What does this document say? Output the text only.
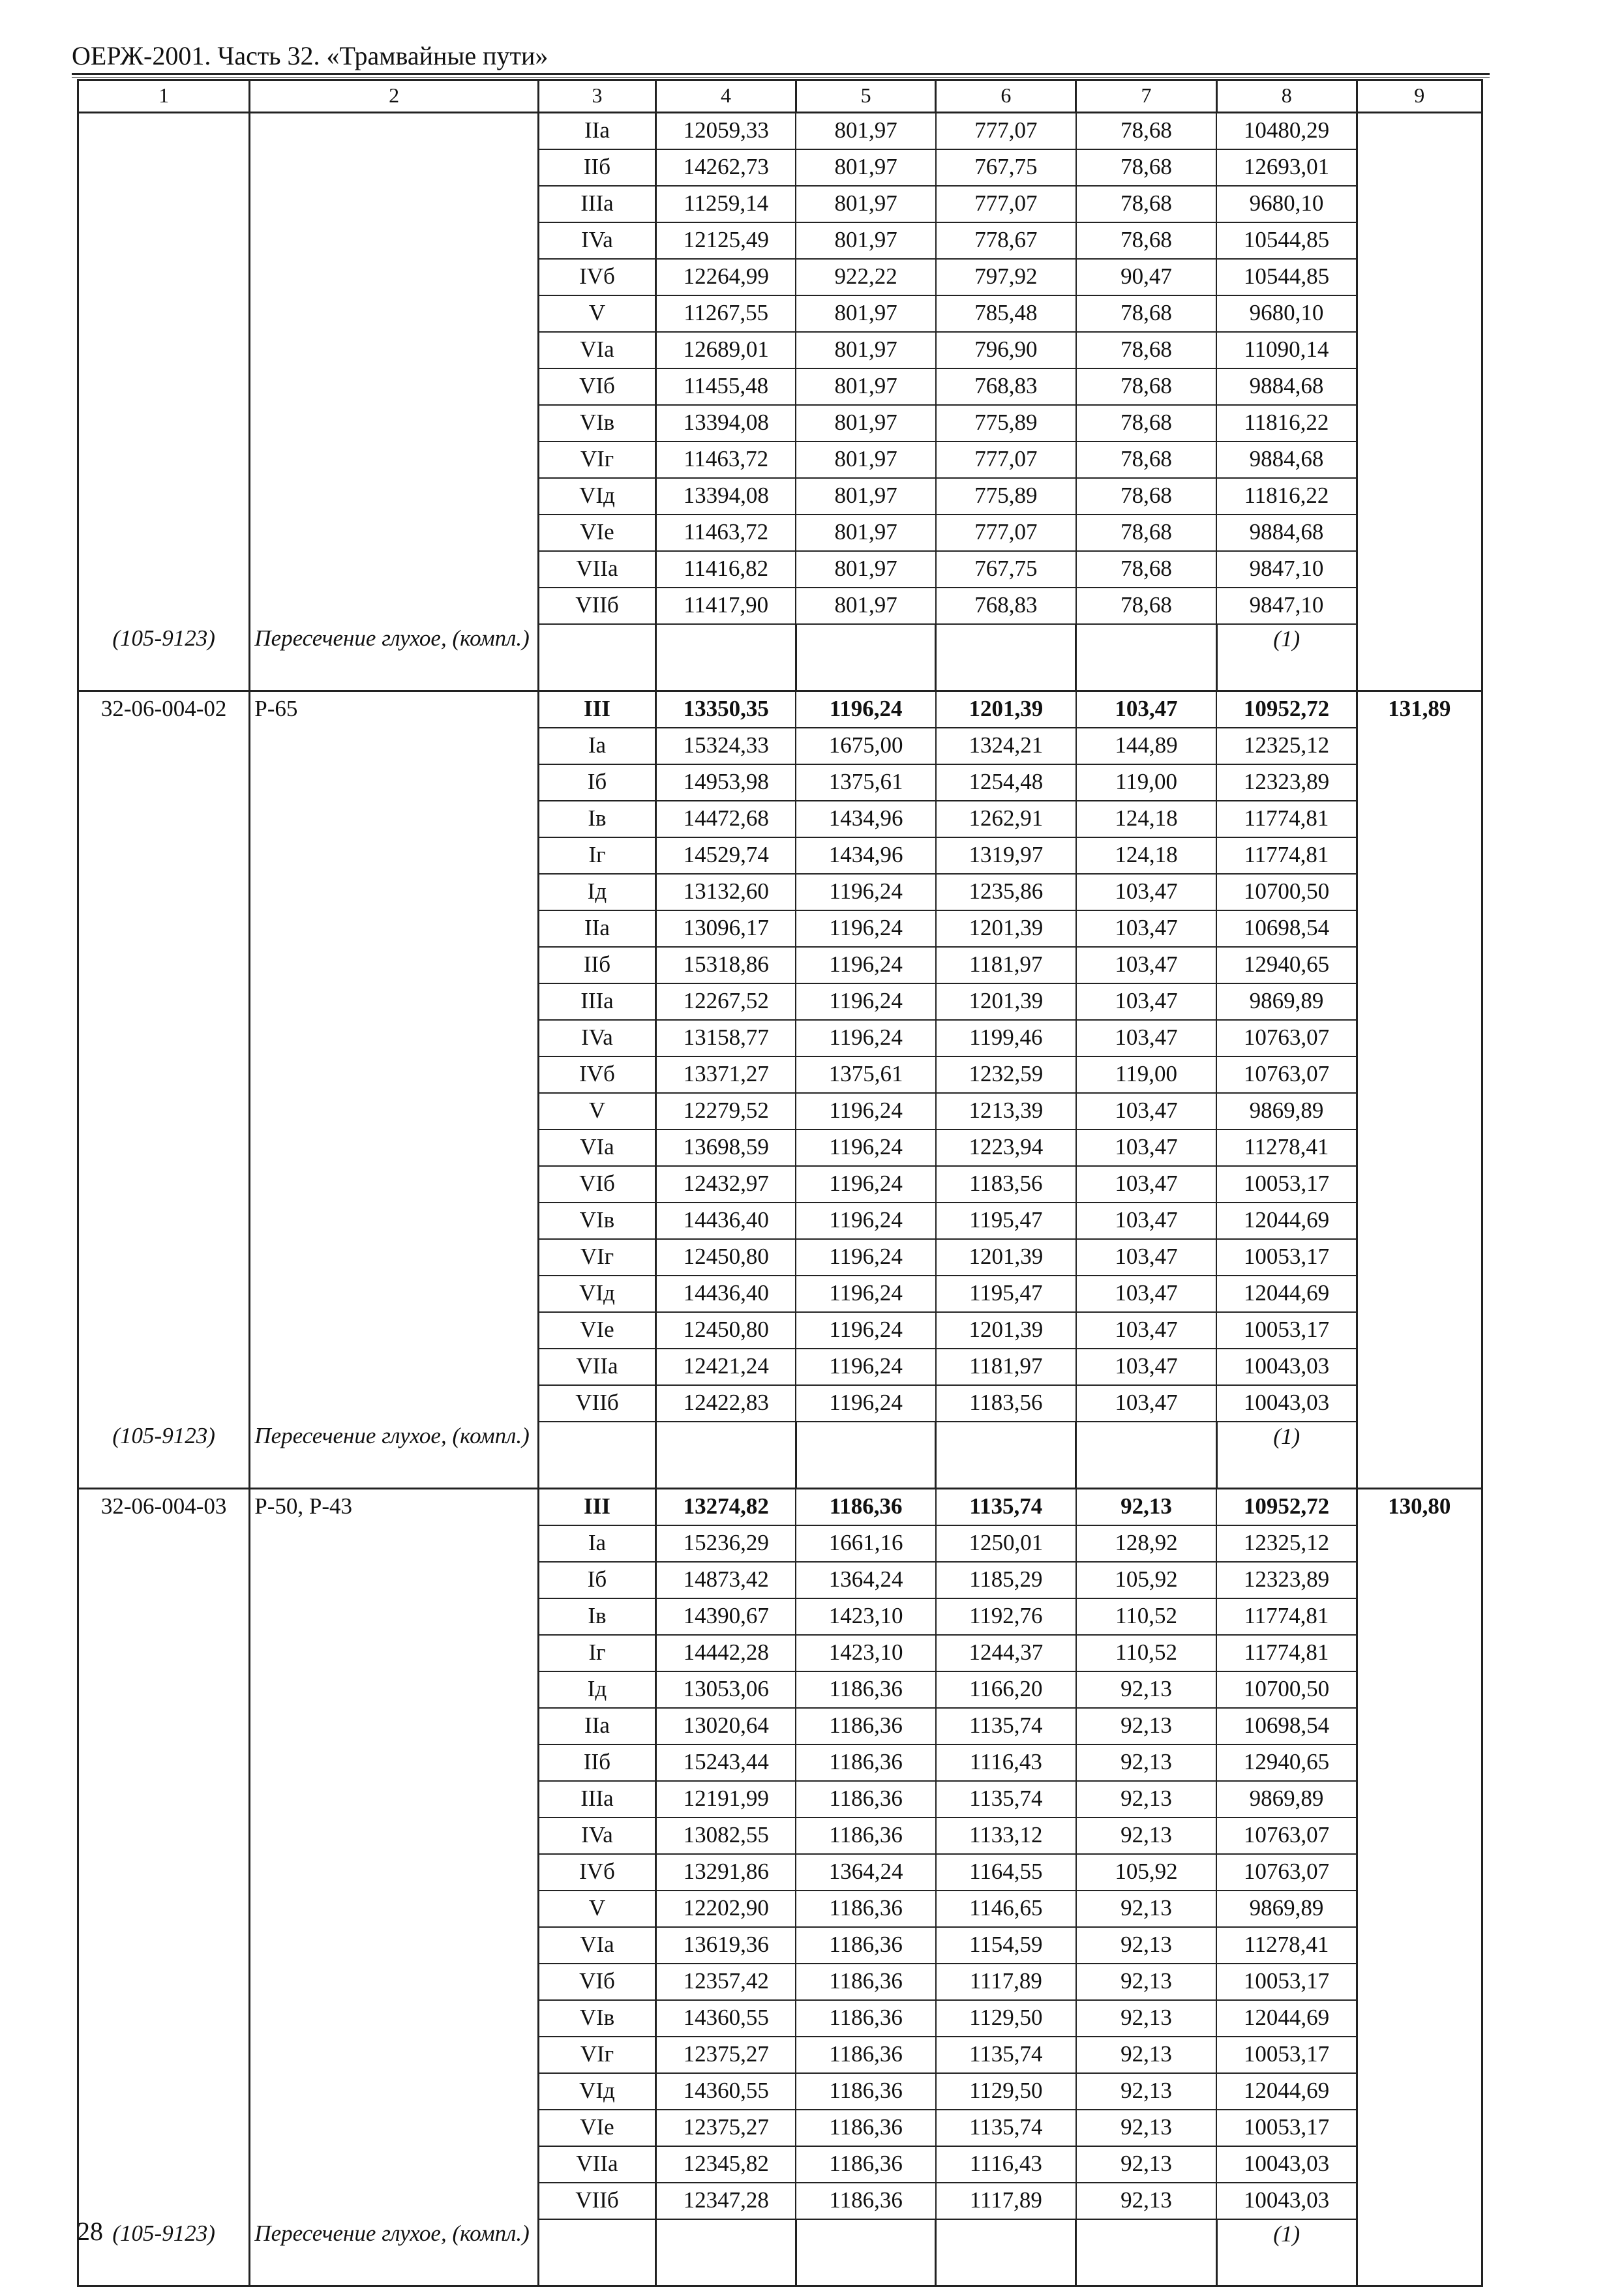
ОЕРЖ-2001. Часть 32. «Трамвайные пути»
1	2	3	4	5	6	7	8	9
		IIa	12059,33	801,97	777,07	78,68	10480,29	
		IIб	14262,73	801,97	767,75	78,68	12693,01	
		IIIa	11259,14	801,97	777,07	78,68	9680,10	
		IVa	12125,49	801,97	778,67	78,68	10544,85	
		IVб	12264,99	922,22	797,92	90,47	10544,85	
		V	11267,55	801,97	785,48	78,68	9680,10	
		VIa	12689,01	801,97	796,90	78,68	11090,14	
		VIб	11455,48	801,97	768,83	78,68	9884,68	
		VIв	13394,08	801,97	775,89	78,68	11816,22	
		VIг	11463,72	801,97	777,07	78,68	9884,68	
		VIд	13394,08	801,97	775,89	78,68	11816,22	
		VIе	11463,72	801,97	777,07	78,68	9884,68	
		VIIa	11416,82	801,97	767,75	78,68	9847,10	
		VIIб	11417,90	801,97	768,83	78,68	9847,10	
(105-9123)	Пересечение глухое, (компл.)						(1)	
32-06-004-02	Р-65	III	13350,35	1196,24	1201,39	103,47	10952,72	131,89
		Ia	15324,33	1675,00	1324,21	144,89	12325,12	
		Iб	14953,98	1375,61	1254,48	119,00	12323,89	
		Iв	14472,68	1434,96	1262,91	124,18	11774,81	
		Iг	14529,74	1434,96	1319,97	124,18	11774,81	
		Iд	13132,60	1196,24	1235,86	103,47	10700,50	
		IIa	13096,17	1196,24	1201,39	103,47	10698,54	
		IIб	15318,86	1196,24	1181,97	103,47	12940,65	
		IIIa	12267,52	1196,24	1201,39	103,47	9869,89	
		IVa	13158,77	1196,24	1199,46	103,47	10763,07	
		IVб	13371,27	1375,61	1232,59	119,00	10763,07	
		V	12279,52	1196,24	1213,39	103,47	9869,89	
		VIa	13698,59	1196,24	1223,94	103,47	11278,41	
		VIб	12432,97	1196,24	1183,56	103,47	10053,17	
		VIв	14436,40	1196,24	1195,47	103,47	12044,69	
		VIг	12450,80	1196,24	1201,39	103,47	10053,17	
		VIд	14436,40	1196,24	1195,47	103,47	12044,69	
		VIе	12450,80	1196,24	1201,39	103,47	10053,17	
		VIIa	12421,24	1196,24	1181,97	103,47	10043,03	
		VIIб	12422,83	1196,24	1183,56	103,47	10043,03	
(105-9123)	Пересечение глухое, (компл.)						(1)	
32-06-004-03	Р-50, Р-43	III	13274,82	1186,36	1135,74	92,13	10952,72	130,80
		Ia	15236,29	1661,16	1250,01	128,92	12325,12	
		Iб	14873,42	1364,24	1185,29	105,92	12323,89	
		Iв	14390,67	1423,10	1192,76	110,52	11774,81	
		Iг	14442,28	1423,10	1244,37	110,52	11774,81	
		Iд	13053,06	1186,36	1166,20	92,13	10700,50	
		IIa	13020,64	1186,36	1135,74	92,13	10698,54	
		IIб	15243,44	1186,36	1116,43	92,13	12940,65	
		IIIa	12191,99	1186,36	1135,74	92,13	9869,89	
		IVa	13082,55	1186,36	1133,12	92,13	10763,07	
		IVб	13291,86	1364,24	1164,55	105,92	10763,07	
		V	12202,90	1186,36	1146,65	92,13	9869,89	
		VIa	13619,36	1186,36	1154,59	92,13	11278,41	
		VIб	12357,42	1186,36	1117,89	92,13	10053,17	
		VIв	14360,55	1186,36	1129,50	92,13	12044,69	
		VIг	12375,27	1186,36	1135,74	92,13	10053,17	
		VIд	14360,55	1186,36	1129,50	92,13	12044,69	
		VIе	12375,27	1186,36	1135,74	92,13	10053,17	
		VIIa	12345,82	1186,36	1116,43	92,13	10043,03	
		VIIб	12347,28	1186,36	1117,89	92,13	10043,03	
(105-9123)	Пересечение глухое, (компл.)						(1)	
28
